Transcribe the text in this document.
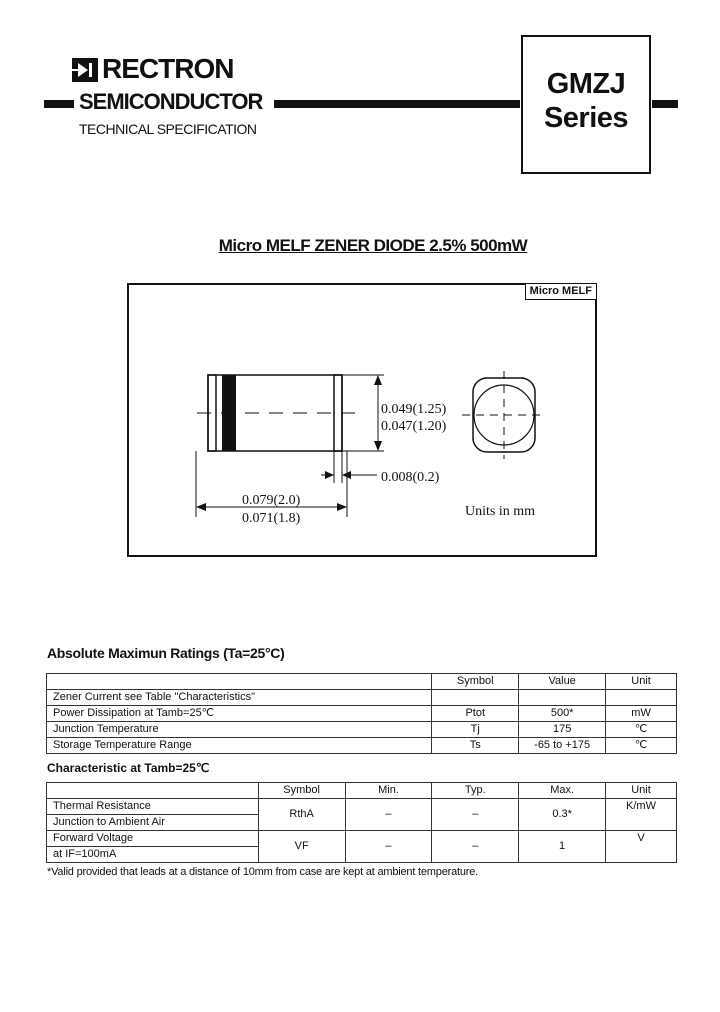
RECTRON
SEMICONDUCTOR
TECHNICAL SPECIFICATION
GMZJ
Series
Micro MELF ZENER DIODE 2.5% 500mW
Micro MELF
0.049(1.25)
0.047(1.20)
0.008(0.2)
0.079(2.0)
0.071(1.8)	Units in mm
Absolute Maximun Ratings (Ta=25°C)
	Symbol	Value	Unit
Zener Current see Table "Characteristics"			
Power Dissipation at Tamb=25℃	Ptot	500*	mW
Junction Temperature	Tj	175	℃
Storage Temperature Range	Ts	-65 to +175	℃
Characteristic at Tamb=25℃
	Symbol	Min.	Typ.	Max.	Unit
Thermal Resistance	RthA	–	–	0.3*	K/mW
Junction to Ambient Air					
Forward Voltage	VF	–	–	1	V
at IF=100mA					
*Valid provided that leads at a distance of 10mm from case are kept at ambient temperature.
